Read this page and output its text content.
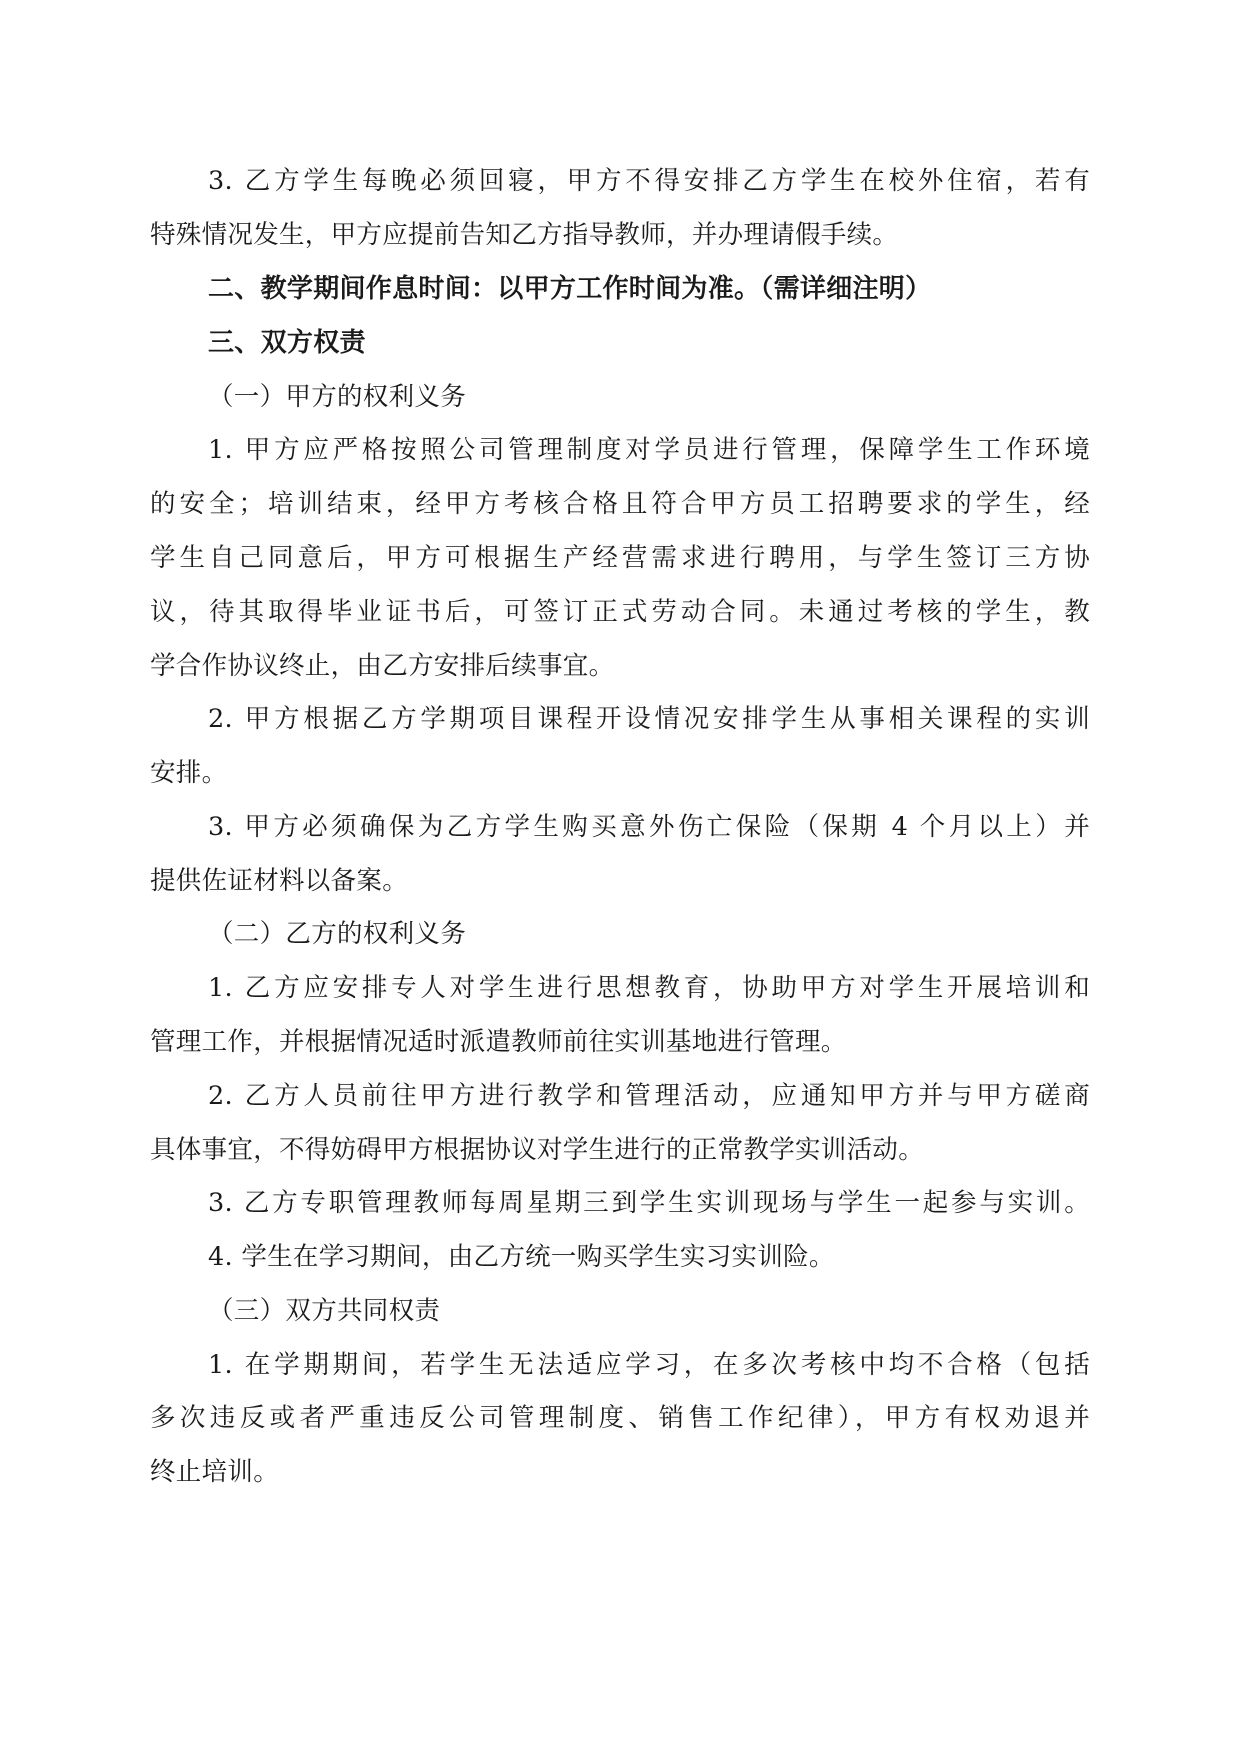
3. 乙方学生每晚必须回寝，甲方不得安排乙方学生在校外住宿，若有
特殊情况发生，甲方应提前告知乙方指导教师，并办理请假手续。
二、教学期间作息时间：以甲方工作时间为准。（需详细注明）
三、双方权责
（一）甲方的权利义务
1. 甲方应严格按照公司管理制度对学员进行管理，保障学生工作环境
的安全；培训结束，经甲方考核合格且符合甲方员工招聘要求的学生，经
学生自己同意后，甲方可根据生产经营需求进行聘用，与学生签订三方协
议，待其取得毕业证书后，可签订正式劳动合同。未通过考核的学生，教
学合作协议终止，由乙方安排后续事宜。
2. 甲方根据乙方学期项目课程开设情况安排学生从事相关课程的实训
安排。
3. 甲方必须确保为乙方学生购买意外伤亡保险（保期 4 个月以上）并
提供佐证材料以备案。
（二）乙方的权利义务
1. 乙方应安排专人对学生进行思想教育，协助甲方对学生开展培训和
管理工作，并根据情况适时派遣教师前往实训基地进行管理。
2. 乙方人员前往甲方进行教学和管理活动，应通知甲方并与甲方磋商
具体事宜，不得妨碍甲方根据协议对学生进行的正常教学实训活动。
3. 乙方专职管理教师每周星期三到学生实训现场与学生一起参与实训。
4. 学生在学习期间，由乙方统一购买学生实习实训险。
（三）双方共同权责
1. 在学期期间，若学生无法适应学习，在多次考核中均不合格（包括
多次违反或者严重违反公司管理制度、销售工作纪律），甲方有权劝退并
终止培训。
